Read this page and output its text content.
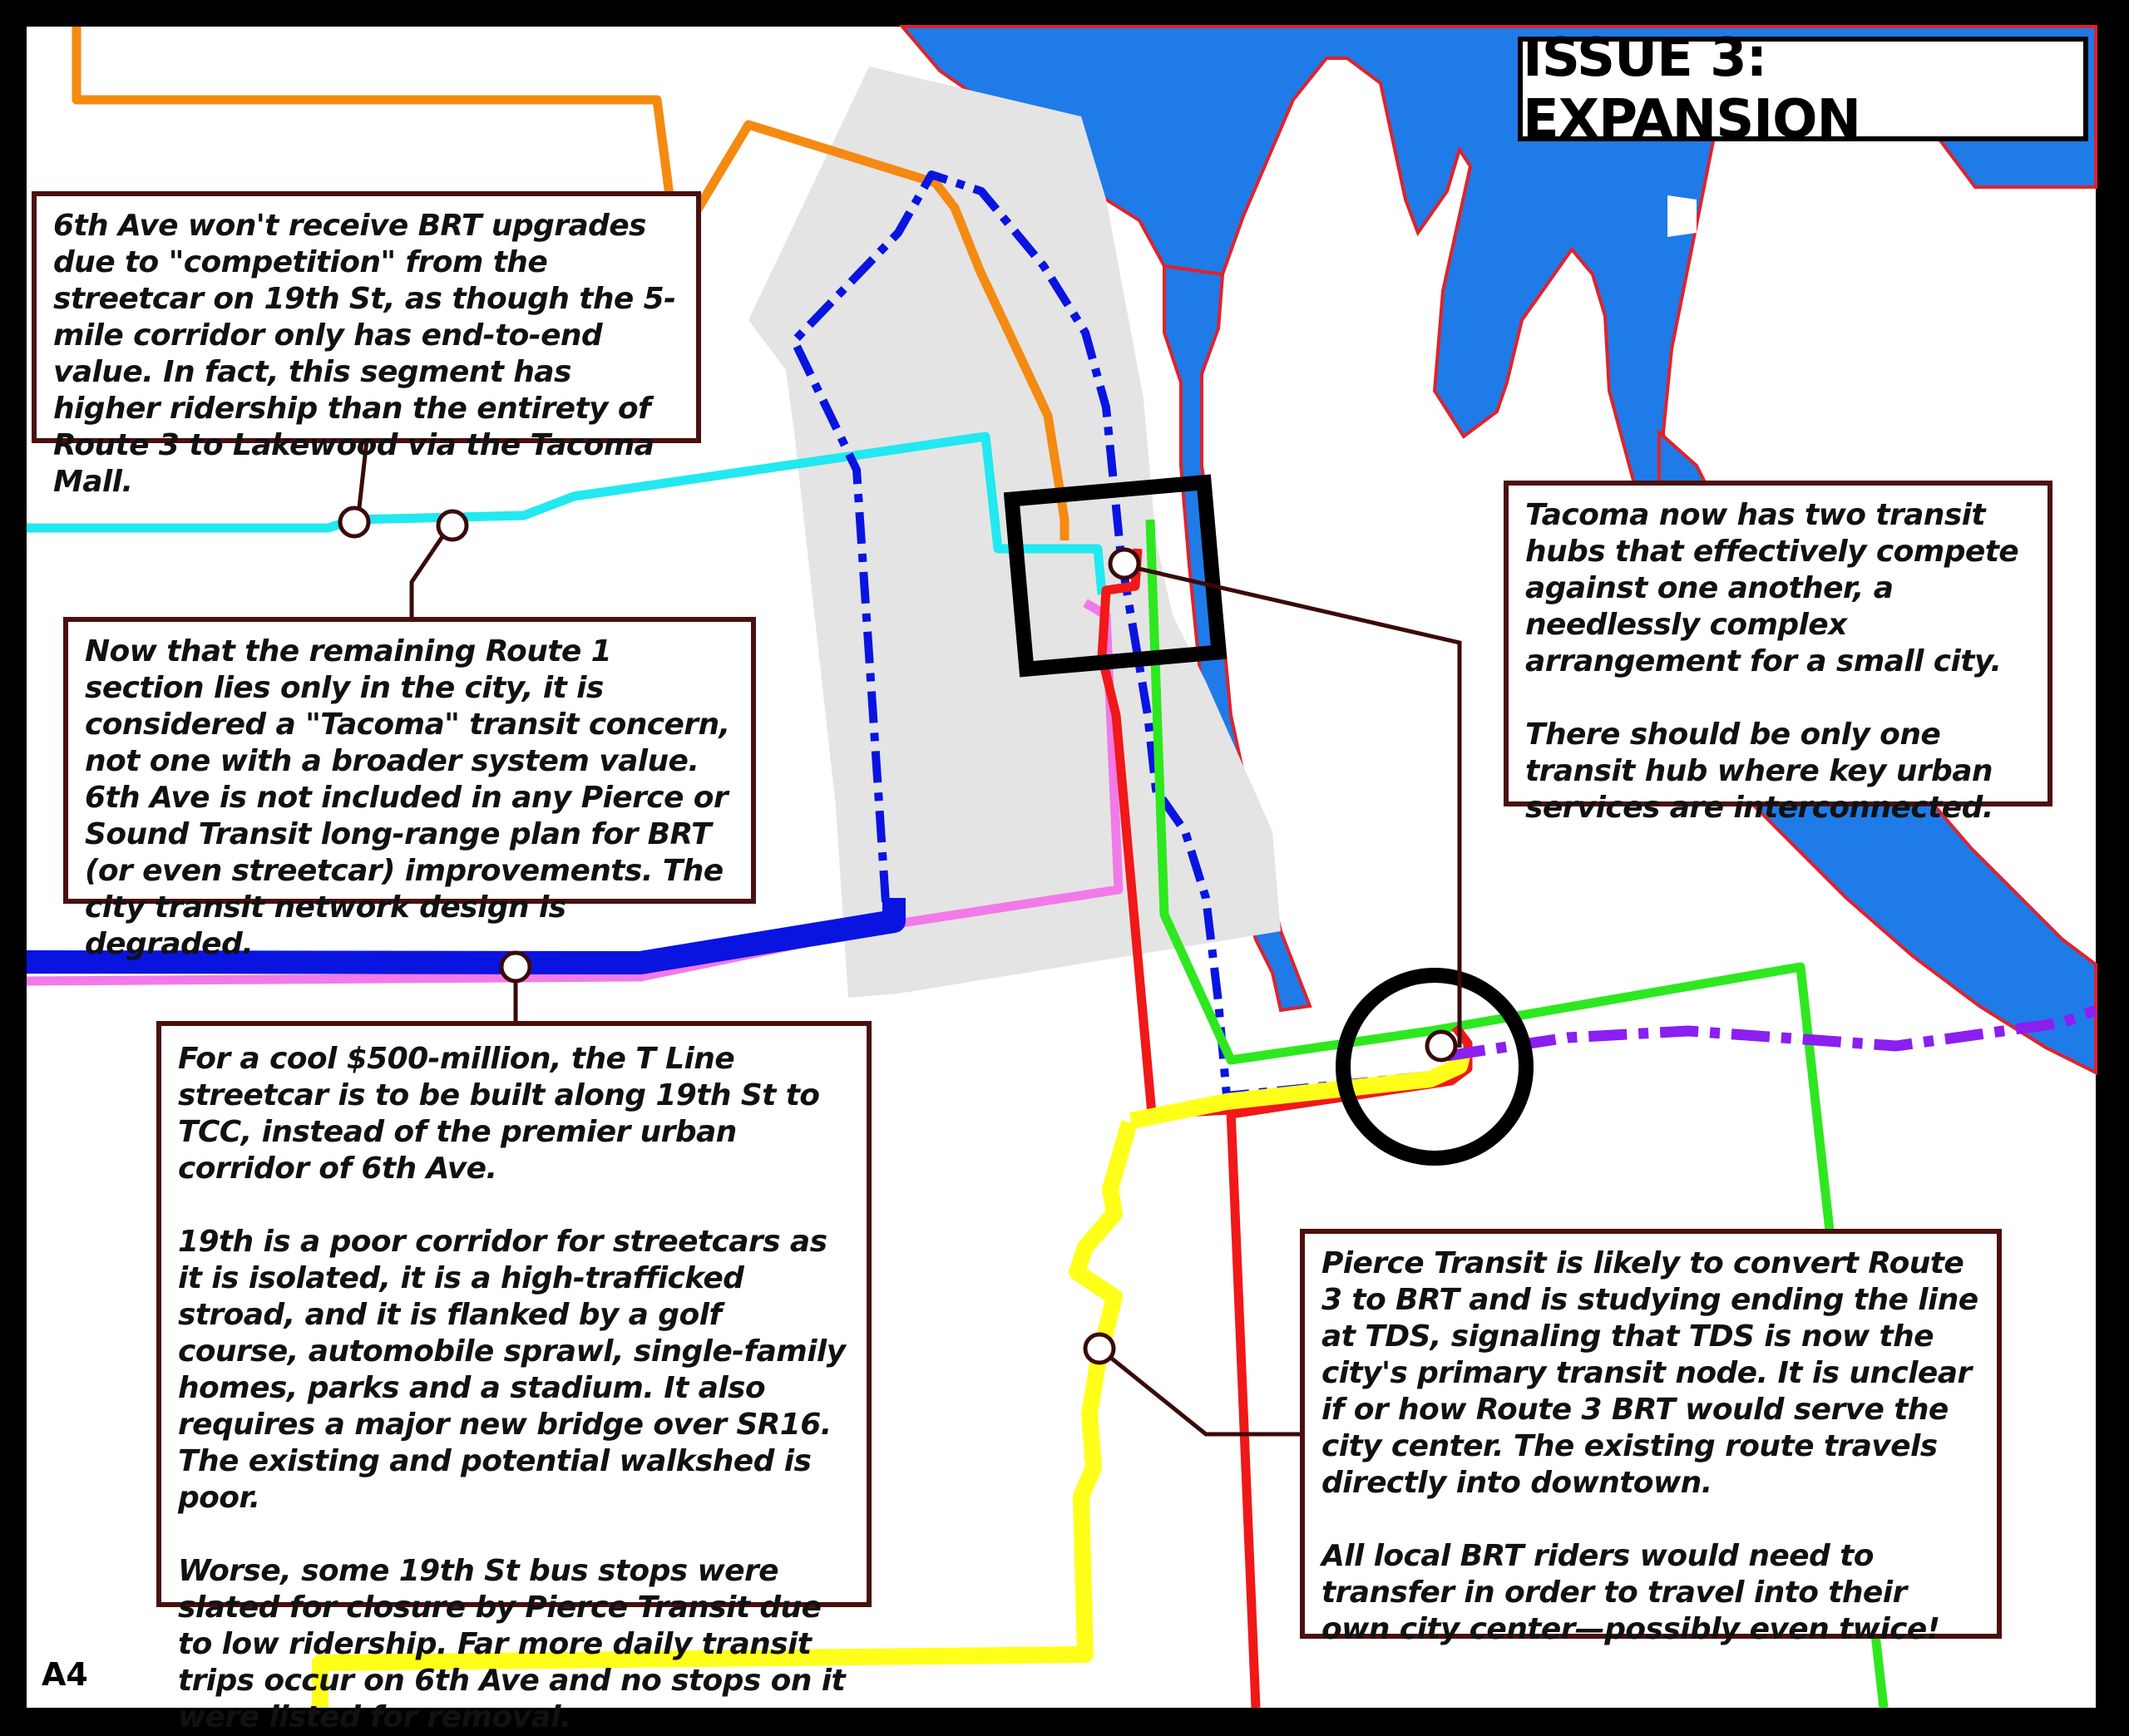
ISSUE 3: EXPANSION

6th Ave won't receive BRT upgrades due to "competition" from the streetcar on 19th St, as though the 5-mile corridor only has end-to-end value. In fact, this segment has higher ridership than the entirety of Route 3 to Lakewood via the Tacoma Mall.

Now that the remaining Route 1 section lies only in the city, it is considered a "Tacoma" transit concern, not one with a broader system value. 6th Ave is not included in any Pierce or Sound Transit long-range plan for BRT (or even streetcar) improvements. The city transit network design is degraded.

For a cool $500-million, the T Line streetcar is to be built along 19th St to TCC, instead of the premier urban corridor of 6th Ave.

19th is a poor corridor for streetcars as it is isolated, it is a high-trafficked stroad, and it is flanked by a golf course, automobile sprawl, single-family homes, parks and a stadium. It also requires a major new bridge over SR16. The existing and potential walkshed is poor.

Worse, some 19th St bus stops were slated for closure by Pierce Transit due to low ridership. Far more daily transit trips occur on 6th Ave and no stops on it were listed for removal.

Tacoma now has two transit hubs that effectively compete against one another, a needlessly complex arrangement for a small city.

There should be only one transit hub where key urban services are interconnected.

Pierce Transit is likely to convert Route 3 to BRT and is studying ending the line at TDS, signaling that TDS is now the city's primary transit node. It is unclear if or how Route 3 BRT would serve the city center. The existing route travels directly into downtown.

All local BRT riders would need to transfer in order to travel into their own city center—possibly even twice!

A4
